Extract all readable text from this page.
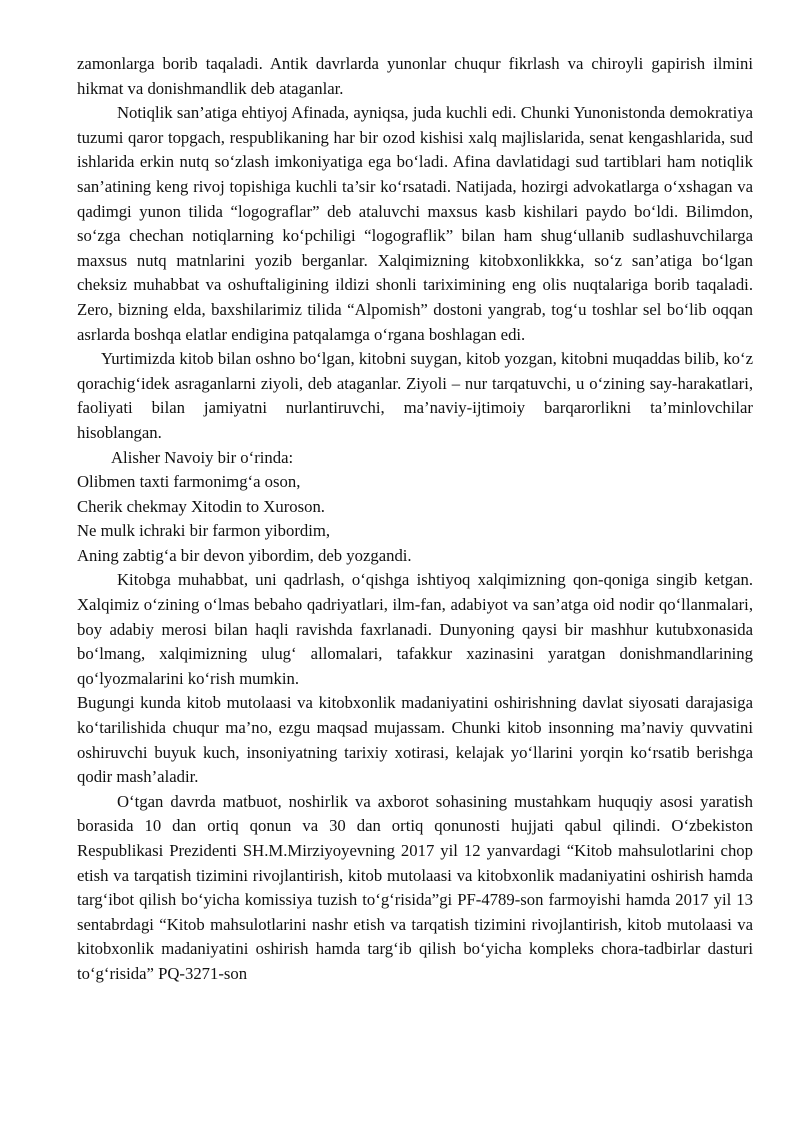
zamonlarga borib taqaladi. Antik davrlarda yunonlar chuqur fikrlash va chiroyli gapirish ilmini hikmat va donishmandlik deb ataganlar.

Notiqlik san’atiga ehtiyoj Afinada, ayniqsa, juda kuchli edi. Chunki Yunonistonda demokratiya tuzumi qaror topgach, respublikaning har bir ozod kishisi xalq majlislarida, senat kengashlarida, sud ishlarida erkin nutq so‘zlash imkoniyatiga ega bo‘ladi. Afina davlatidagi sud tartiblari ham notiqlik san’atining keng rivoj topishiga kuchli ta’sir ko‘rsatadi. Natijada, hozirgi advokatlarga o‘xshagan va qadimgi yunon tilida “logograflar” deb ataluvchi maxsus kasb kishilari paydo bo‘ldi. Bilimdon, so‘zga chechan notiqlarning ko‘pchiligi “logograflik” bilan ham shug‘ullanib sudlashuvchilarga maxsus nutq matnlarini yozib berganlar. Xalqimizning kitobxonlikkka, so‘z san’atiga bo‘lgan cheksiz muhabbat va oshuftaligining ildizi shonli tariximining eng olis nuqtalariga borib taqaladi. Zero, bizning elda, baxshilarimiz tilida “Alpomish” dostoni yangrab, tog‘u toshlar sel bo‘lib oqqan asrlarda boshqa elatlar endigina patqalamga o‘rgana boshlagan edi.

Yurtimizda kitob bilan oshno bo‘lgan, kitobni suygan, kitob yozgan, kitobni muqaddas bilib, ko‘z qorachig‘idek asraganlarni ziyoli, deb ataganlar. Ziyoli – nur tarqatuvchi, u o‘zining say-harakatlari, faoliyati bilan jamiyatni nurlantiruvchi, ma’naviy-ijtimoiy barqarorlikni ta’minlovchilar hisoblangan.

Alisher Navoiy bir o‘rinda:

Olibmen taxti farmonimg‘a oson,

Cherik chekmay Xitodin to Xuroson.

Ne mulk ichraki bir farmon yibordim,

Aning zabtig‘a bir devon yibordim, deb yozgandi.

Kitobga muhabbat, uni qadrlash, o‘qishga ishtiyoq xalqimizning qon-qoniga singib ketgan. Xalqimiz o‘zining o‘lmas bebaho qadriyatlari, ilm-fan, adabiyot va san’atga oid nodir qo‘llanmalari, boy adabiy merosi bilan haqli ravishda faxrlanadi. Dunyoning qaysi bir mashhur kutubxonasida bo‘lmang, xalqimizning ulug‘ allomalari, tafakkur xazinasini yaratgan donishmandlarining qo‘lyozmalarini ko‘rish mumkin.

Bugungi kunda kitob mutolaasi va kitobxonlik madaniyatini oshirishning davlat siyosati darajasiga ko‘tarilishida chuqur ma’no, ezgu maqsad mujassam. Chunki kitob insonning ma’naviy quvvatini oshiruvchi buyuk kuch, insoniyatning tarixiy xotirasi, kelajak yo‘llarini yorqin ko‘rsatib berishga qodir mash’aladir.

O‘tgan davrda matbuot, noshirlik va axborot sohasining mustahkam huquqiy asosi yaratish borasida 10 dan ortiq qonun va 30 dan ortiq qonunosti hujjati qabul qilindi. O‘zbekiston Respublikasi Prezidenti SH.M.Mirziyoyevning 2017 yil 12 yanvardagi “Kitob mahsulotlarini chop etish va tarqatish tizimini rivojlantirish, kitob mutolaasi va kitobxonlik madaniyatini oshirish hamda targ‘ibot qilish bo‘yicha komissiya tuzish to‘g‘risida”gi PF-4789-son farmoyishi hamda 2017 yil 13 sentabrdagi “Kitob mahsulotlarini nashr etish va tarqatish tizimini rivojlantirish, kitob mutolaasi va kitobxonlik madaniyatini oshirish hamda targ‘ib qilish bo‘yicha kompleks chora-tadbirlar dasturi to‘g‘risida” PQ-3271-son
